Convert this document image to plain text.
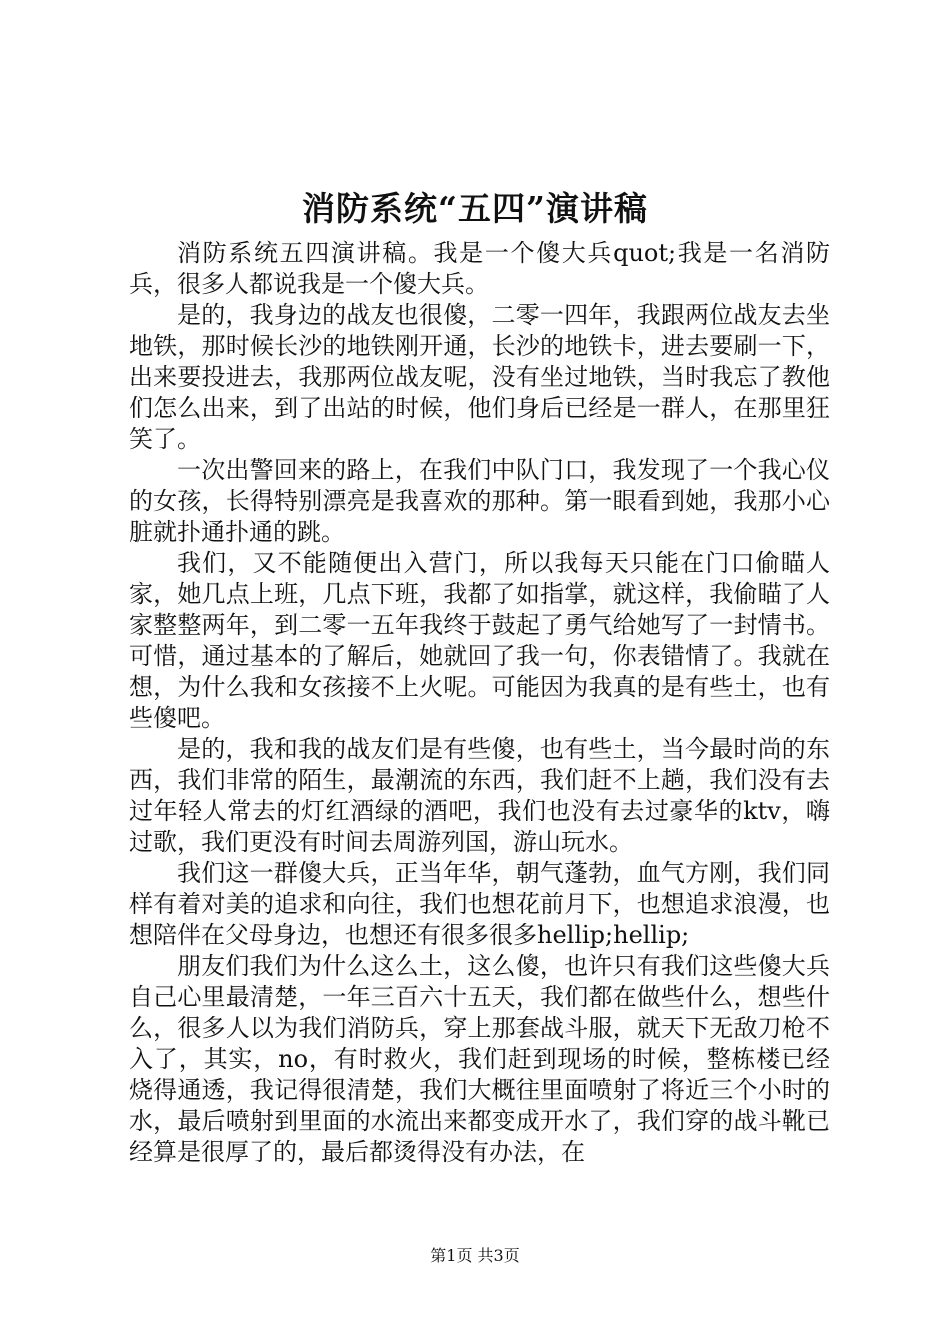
消防系统“五四”演讲稿

消防系统五四演讲稿。我是一个傻大兵quot;我是一名消防兵，很多人都说我是一个傻大兵。

是的，我身边的战友也很傻，二零一四年，我跟两位战友去坐地铁，那时候长沙的地铁刚开通，长沙的地铁卡，进去要刷一下，出来要投进去，我那两位战友呢，没有坐过地铁，当时我忘了教他们怎么出来，到了出站的时候，他们身后已经是一群人，在那里狂笑了。

一次出警回来的路上，在我们中队门口，我发现了一个我心仪的女孩，长得特别漂亮是我喜欢的那种。第一眼看到她，我那小心脏就扑通扑通的跳。

我们，又不能随便出入营门，所以我每天只能在门口偷瞄人家，她几点上班，几点下班，我都了如指掌，就这样，我偷瞄了人家整整两年，到二零一五年我终于鼓起了勇气给她写了一封情书。可惜，通过基本的了解后，她就回了我一句，你表错情了。我就在想，为什么我和女孩接不上火呢。可能因为我真的是有些土，也有些傻吧。

是的，我和我的战友们是有些傻，也有些土，当今最时尚的东西，我们非常的陌生，最潮流的东西，我们赶不上趟，我们没有去过年轻人常去的灯红酒绿的酒吧，我们也没有去过豪华的ktv，嗨过歌，我们更没有时间去周游列国，游山玩水。

我们这一群傻大兵，正当年华，朝气蓬勃，血气方刚，我们同样有着对美的追求和向往，我们也想花前月下，也想追求浪漫，也想陪伴在父母身边，也想还有很多很多hellip;hellip;

朋友们我们为什么这么土，这么傻，也许只有我们这些傻大兵自己心里最清楚，一年三百六十五天，我们都在做些什么，想些什么，很多人以为我们消防兵，穿上那套战斗服，就天下无敌刀枪不入了，其实，no，有时救火，我们赶到现场的时候，整栋楼已经烧得通透，我记得很清楚，我们大概往里面喷射了将近三个小时的水，最后喷射到里面的水流出来都变成开水了，我们穿的战斗靴已经算是很厚了的，最后都烫得没有办法，在

第1页 共3页
